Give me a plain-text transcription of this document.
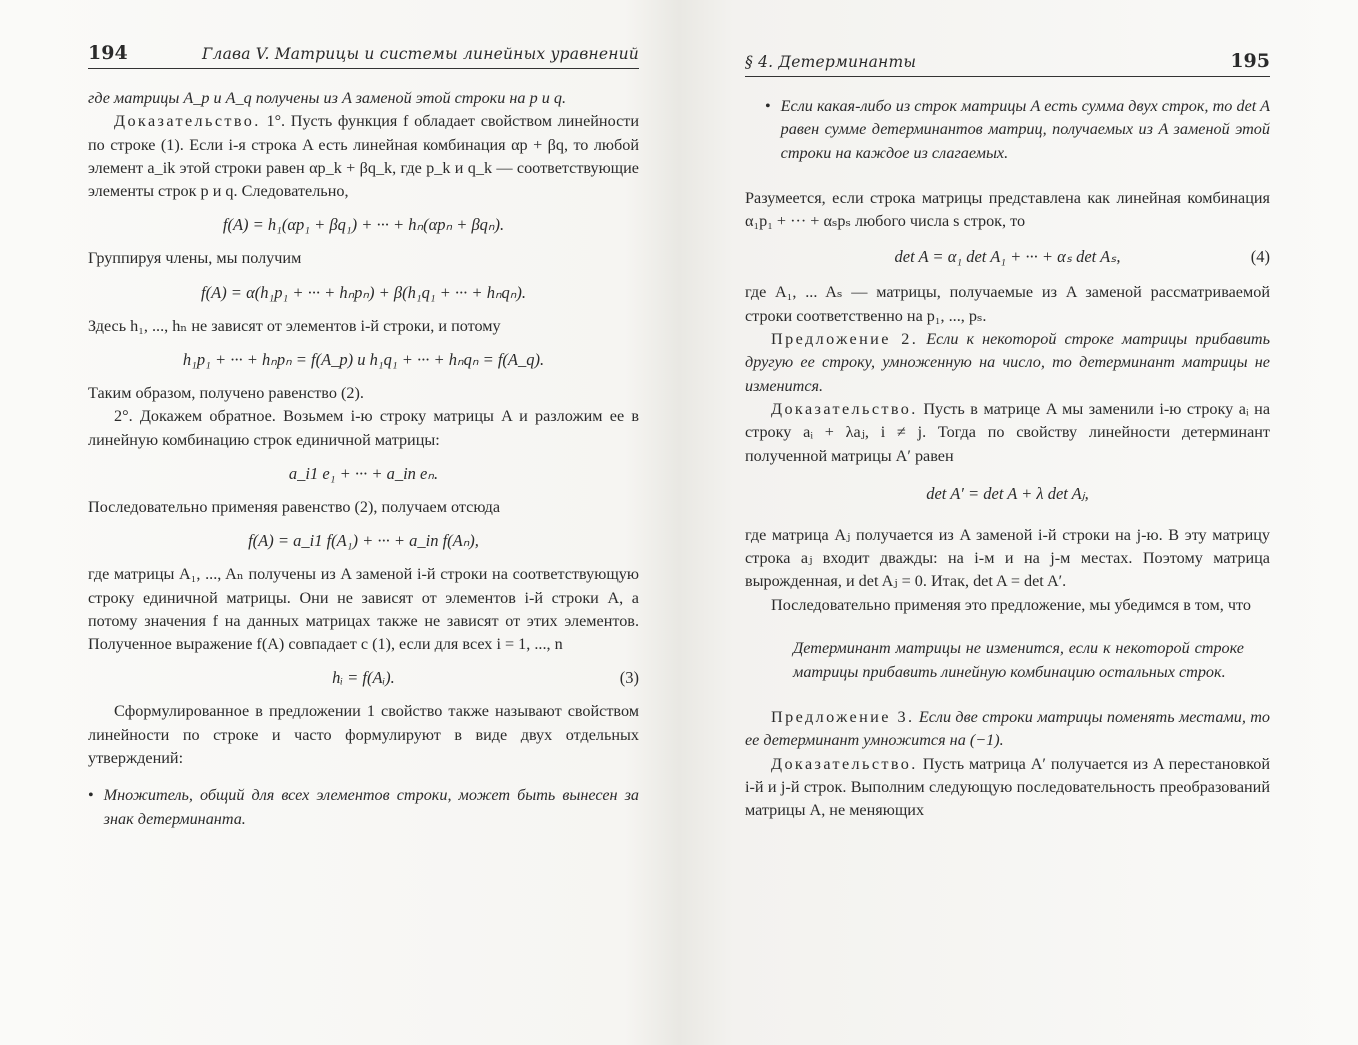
194	Глава V. Матрицы и системы линейных уравнений

где матрицы A_p и A_q получены из A заменой этой строки на p и q.

Доказательство. 1°. Пусть функция f обладает свойством линейности по строке (1). Если i-я строка A есть линейная комбинация αp + βq, то любой элемент a_ik этой строки равен αp_k + βq_k, где p_k и q_k — соответствующие элементы строк p и q. Следовательно,

f(A) = h₁(αp₁ + βq₁) + ··· + hₙ(αpₙ + βqₙ).

Группируя члены, мы получим

f(A) = α(h₁p₁ + ··· + hₙpₙ) + β(h₁q₁ + ··· + hₙqₙ).

Здесь h₁, ..., hₙ не зависят от элементов i-й строки, и потому

h₁p₁ + ··· + hₙpₙ = f(A_p) и h₁q₁ + ··· + hₙqₙ = f(A_q).

Таким образом, получено равенство (2).

2°. Докажем обратное. Возьмем i-ю строку матрицы A и разложим ее в линейную комбинацию строк единичной матрицы:

a_i1 e₁ + ··· + a_in eₙ.

Последовательно применяя равенство (2), получаем отсюда

f(A) = a_i1 f(A₁) + ··· + a_in f(Aₙ),

где матрицы A₁, ..., Aₙ получены из A заменой i-й строки на соответствующую строку единичной матрицы. Они не зависят от элементов i-й строки A, а потому значения f на данных матрицах также не зависят от этих элементов. Полученное выражение f(A) совпадает с (1), если для всех i = 1, ..., n

hᵢ = f(Aᵢ).	(3)

Сформулированное в предложении 1 свойство также называют свойством линейности по строке и часто формулируют в виде двух отдельных утверждений:

• Множитель, общий для всех элементов строки, может быть вынесен за знак детерминанта.
§ 4. Детерминанты	195
• Если какая-либо из строк матрицы A есть сумма двух строк, то det A равен сумме детерминантов матриц, получаемых из A заменой этой строки на каждое из слагаемых.

Разумеется, если строка матрицы представлена как линейная комбинация α₁p₁ + ··· + αₛpₛ любого числа s строк, то

det A = α₁ det A₁ + ··· + αₛ det Aₛ,	(4)

где A₁, ... Aₛ — матрицы, получаемые из A заменой рассматриваемой строки соответственно на p₁, ..., pₛ.

Предложение 2. Если к некоторой строке матрицы прибавить другую ее строку, умноженную на число, то детерминант матрицы не изменится.

Доказательство. Пусть в матрице A мы заменили i-ю строку aᵢ на строку aᵢ + λaⱼ, i ≠ j. Тогда по свойству линейности детерминант полученной матрицы A′ равен

det A′ = det A + λ det Aⱼ,

где матрица Aⱼ получается из A заменой i-й строки на j-ю. В эту матрицу строка aⱼ входит дважды: на i-м и на j-м местах. Поэтому матрица вырожденная, и det Aⱼ = 0. Итак, det A = det A′.

Последовательно применяя это предложение, мы убедимся в том, что

Детерминант матрицы не изменится, если к некоторой строке матрицы прибавить линейную комбинацию остальных строк.

Предложение 3. Если две строки матрицы поменять местами, то ее детерминант умножится на (−1).

Доказательство. Пусть матрица A′ получается из A перестановкой i-й и j-й строк. Выполним следующую последовательность преобразований матрицы A, не меняющих
